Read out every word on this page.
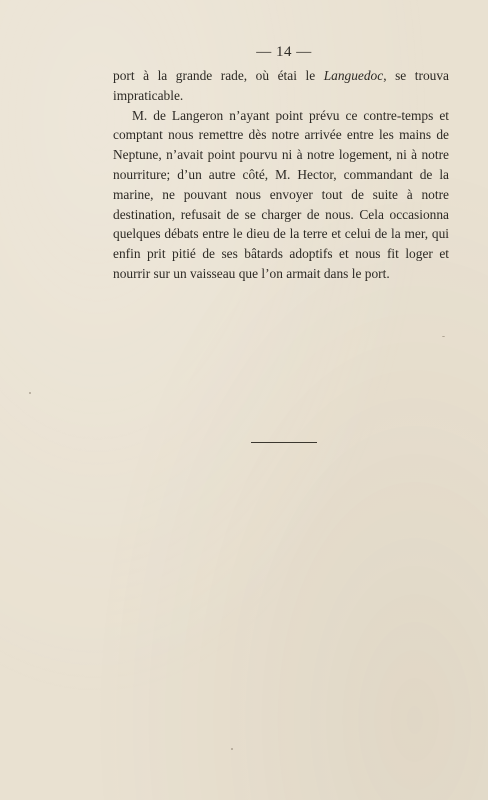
— 14 —

port à la grande rade, où étai le Languedoc, se trouva impraticable.

M. de Langeron n’ayant point prévu ce contre-temps et comptant nous remettre dès notre arrivée entre les mains de Neptune, n’avait point pourvu ni à notre logement, ni à notre nourriture; d’un autre côté, M. Hector, commandant de la marine, ne pouvant nous envoyer tout de suite à notre destination, refusait de se charger de nous. Cela occasionna quelques débats entre le dieu de la terre et celui de la mer, qui enfin prit pitié de ses bâtards adoptifs et nous fit loger et nourrir sur un vaisseau que l’on armait dans le port.
